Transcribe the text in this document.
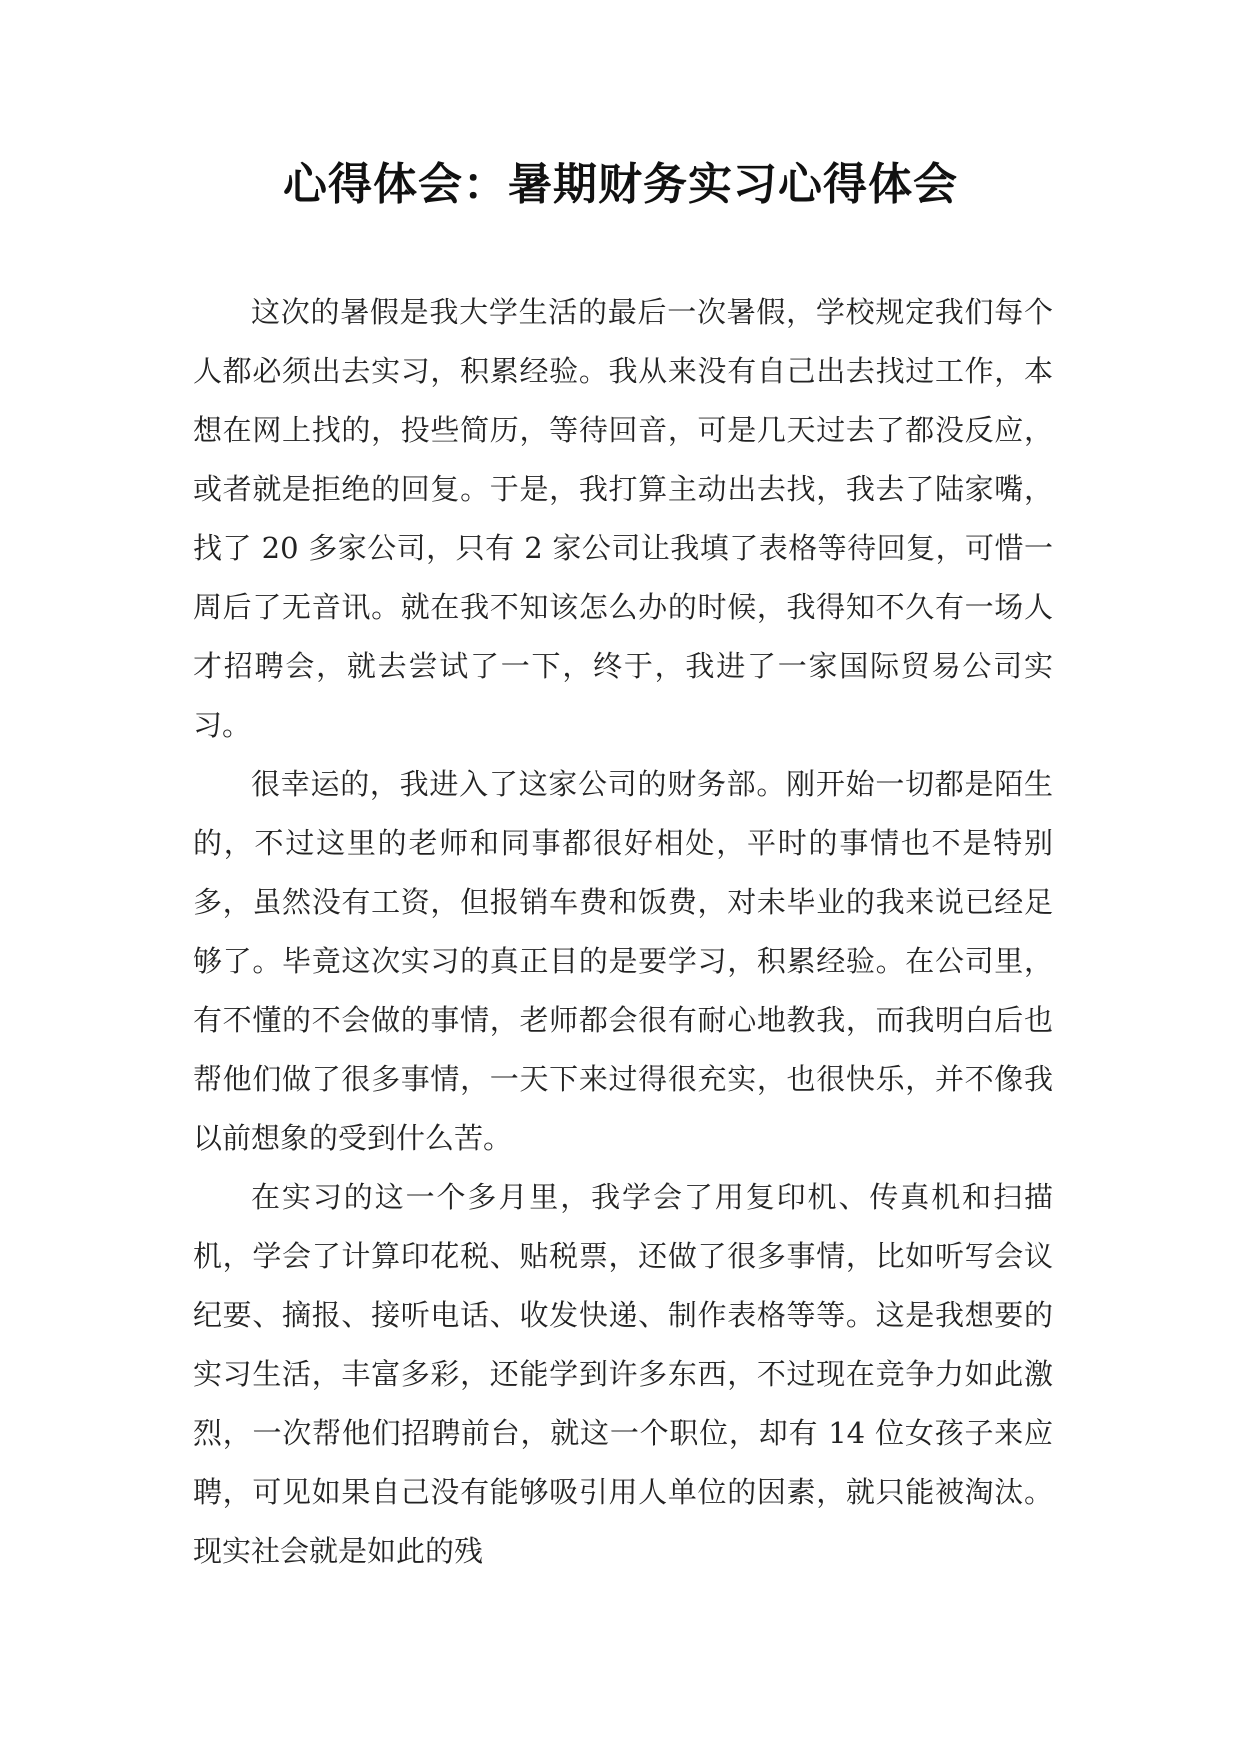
心得体会：暑期财务实习心得体会

这次的暑假是我大学生活的最后一次暑假，学校规定我们每个人都必须出去实习，积累经验。我从来没有自己出去找过工作，本想在网上找的，投些简历，等待回音，可是几天过去了都没反应，或者就是拒绝的回复。于是，我打算主动出去找，我去了陆家嘴，找了 20 多家公司，只有 2 家公司让我填了表格等待回复，可惜一周后了无音讯。就在我不知该怎么办的时候，我得知不久有一场人才招聘会，就去尝试了一下，终于，我进了一家国际贸易公司实习。

很幸运的，我进入了这家公司的财务部。刚开始一切都是陌生的，不过这里的老师和同事都很好相处，平时的事情也不是特别多，虽然没有工资，但报销车费和饭费，对未毕业的我来说已经足够了。毕竟这次实习的真正目的是要学习，积累经验。在公司里，有不懂的不会做的事情，老师都会很有耐心地教我，而我明白后也帮他们做了很多事情，一天下来过得很充实，也很快乐，并不像我以前想象的受到什么苦。

在实习的这一个多月里，我学会了用复印机、传真机和扫描机，学会了计算印花税、贴税票，还做了很多事情，比如听写会议纪要、摘报、接听电话、收发快递、制作表格等等。这是我想要的实习生活，丰富多彩，还能学到许多东西，不过现在竞争力如此激烈，一次帮他们招聘前台，就这一个职位，却有 14 位女孩子来应聘，可见如果自己没有能够吸引用人单位的因素，就只能被淘汰。现实社会就是如此的残
